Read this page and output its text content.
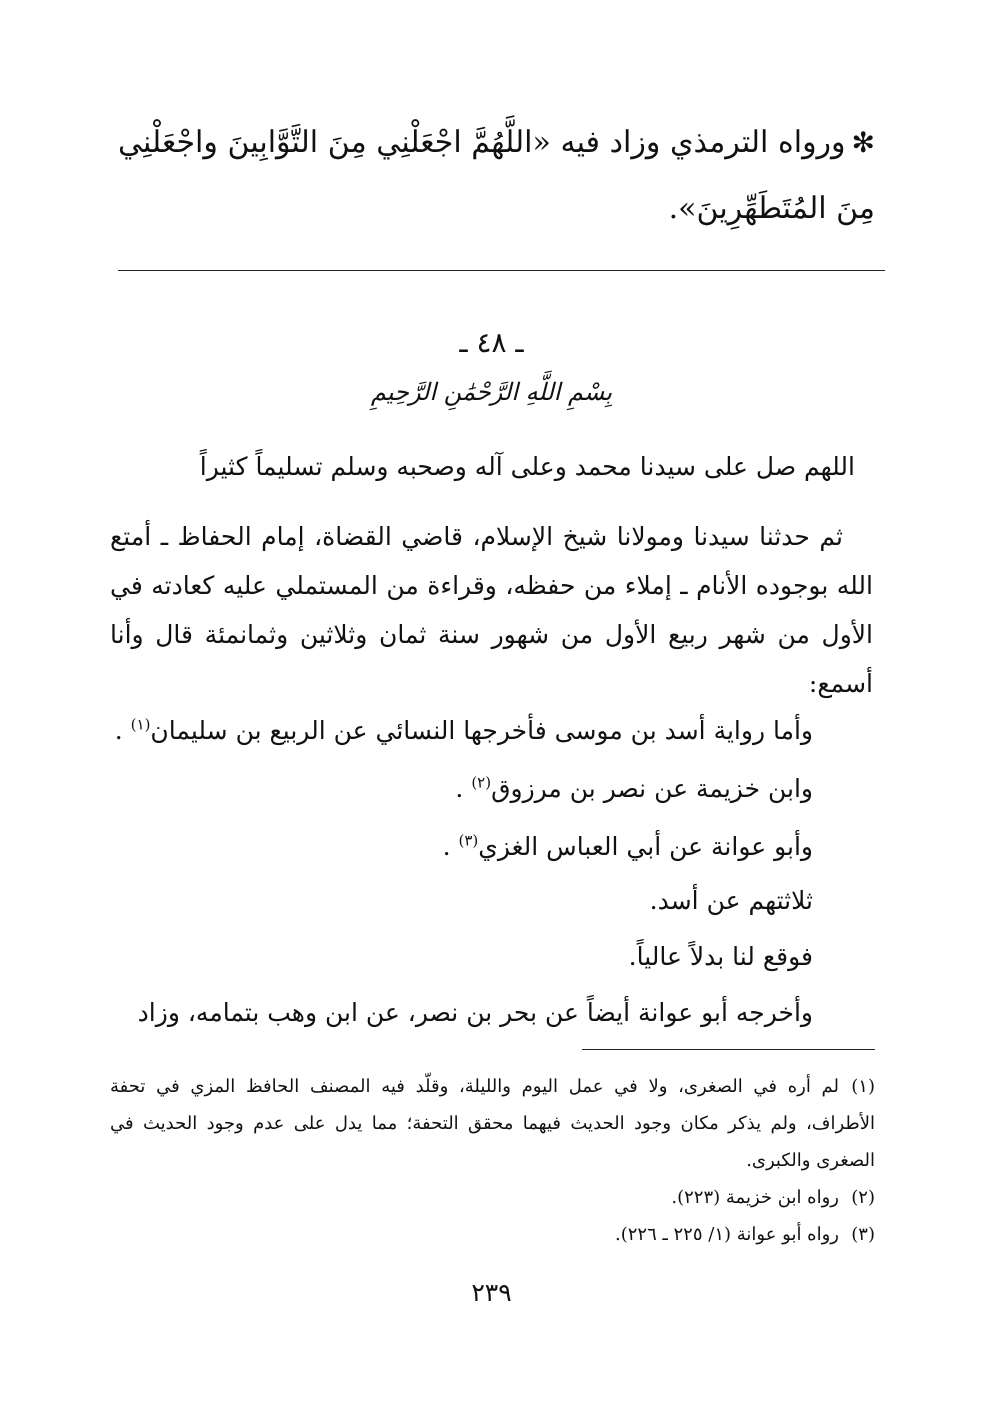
✻ورواه الترمذي وزاد فيه «اللَّهُمَّ اجْعَلْنِي مِنَ التَّوَّابِينَ واجْعَلْنِي مِنَ المُتَطَهِّرِينَ».
ـ ٤٨ ـ
بِسْمِ اللَّهِ الرَّحْمَٰنِ الرَّحِيمِ

اللهم صل على سيدنا محمد وعلى آله وصحبه وسلم تسليماً كثيراً

ثم حدثنا سيدنا ومولانا شيخ الإسلام، قاضي القضاة، إمام الحفاظ ـ أمتع الله بوجوده الأنام ـ إملاء من حفظه، وقراءة من المستملي عليه كعادته في الأول من شهر ربيع الأول من شهور سنة ثمان وثلاثين وثمانمئة قال وأنا أسمع:

وأما رواية أسد بن موسى فأخرجها النسائي عن الربيع بن سليمان$^{(١)}$ .
وابن خزيمة عن نصر بن مرزوق$^{(٢)}$ .
وأبو عوانة عن أبي العباس الغزي$^{(٣)}$ .
ثلاثتهم عن أسد.
فوقع لنا بدلاً عالياً.
وأخرجه أبو عوانة أيضاً عن بحر بن نصر، عن ابن وهب بتمامه، وزاد
(١)لم أره في الصغرى، ولا في عمل اليوم والليلة، وقلّد فيه المصنف الحافظ المزي في تحفة الأطراف، ولم يذكر مكان وجود الحديث فيهما محقق التحفة؛ مما يدل على عدم وجود الحديث في الصغرى والكبرى.
(٢)رواه ابن خزيمة (٢٢٣).
(٣)رواه أبو عوانة (١/ ٢٢٥ ـ ٢٢٦).
٢٣٩
